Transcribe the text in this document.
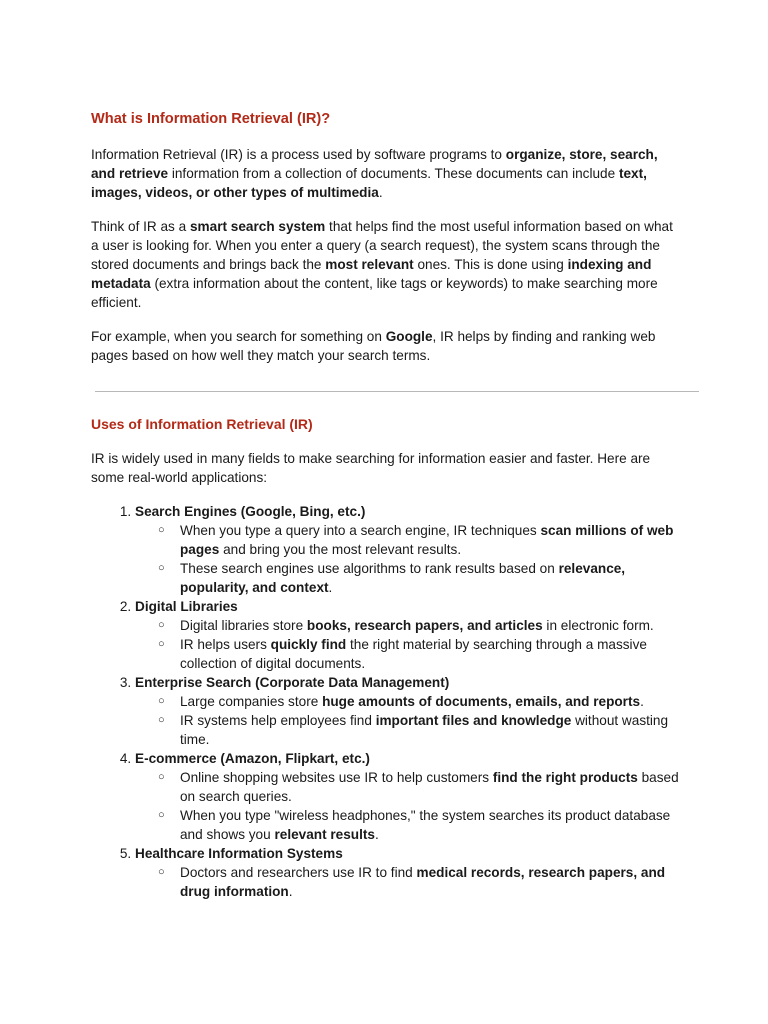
What is Information Retrieval (IR)?

Information Retrieval (IR) is a process used by software programs to organize, store, search, and retrieve information from a collection of documents. These documents can include text, images, videos, or other types of multimedia.

Think of IR as a smart search system that helps find the most useful information based on what a user is looking for. When you enter a query (a search request), the system scans through the stored documents and brings back the most relevant ones. This is done using indexing and metadata (extra information about the content, like tags or keywords) to make searching more efficient.

For example, when you search for something on Google, IR helps by finding and ranking web pages based on how well they match your search terms.

Uses of Information Retrieval (IR)

IR is widely used in many fields to make searching for information easier and faster. Here are some real-world applications:

1. Search Engines (Google, Bing, etc.)
○ When you type a query into a search engine, IR techniques scan millions of web pages and bring you the most relevant results.
○ These search engines use algorithms to rank results based on relevance, popularity, and context.
2. Digital Libraries
○ Digital libraries store books, research papers, and articles in electronic form.
○ IR helps users quickly find the right material by searching through a massive collection of digital documents.
3. Enterprise Search (Corporate Data Management)
○ Large companies store huge amounts of documents, emails, and reports.
○ IR systems help employees find important files and knowledge without wasting time.
4. E-commerce (Amazon, Flipkart, etc.)
○ Online shopping websites use IR to help customers find the right products based on search queries.
○ When you type "wireless headphones," the system searches its product database and shows you relevant results.
5. Healthcare Information Systems
○ Doctors and researchers use IR to find medical records, research papers, and drug information.
